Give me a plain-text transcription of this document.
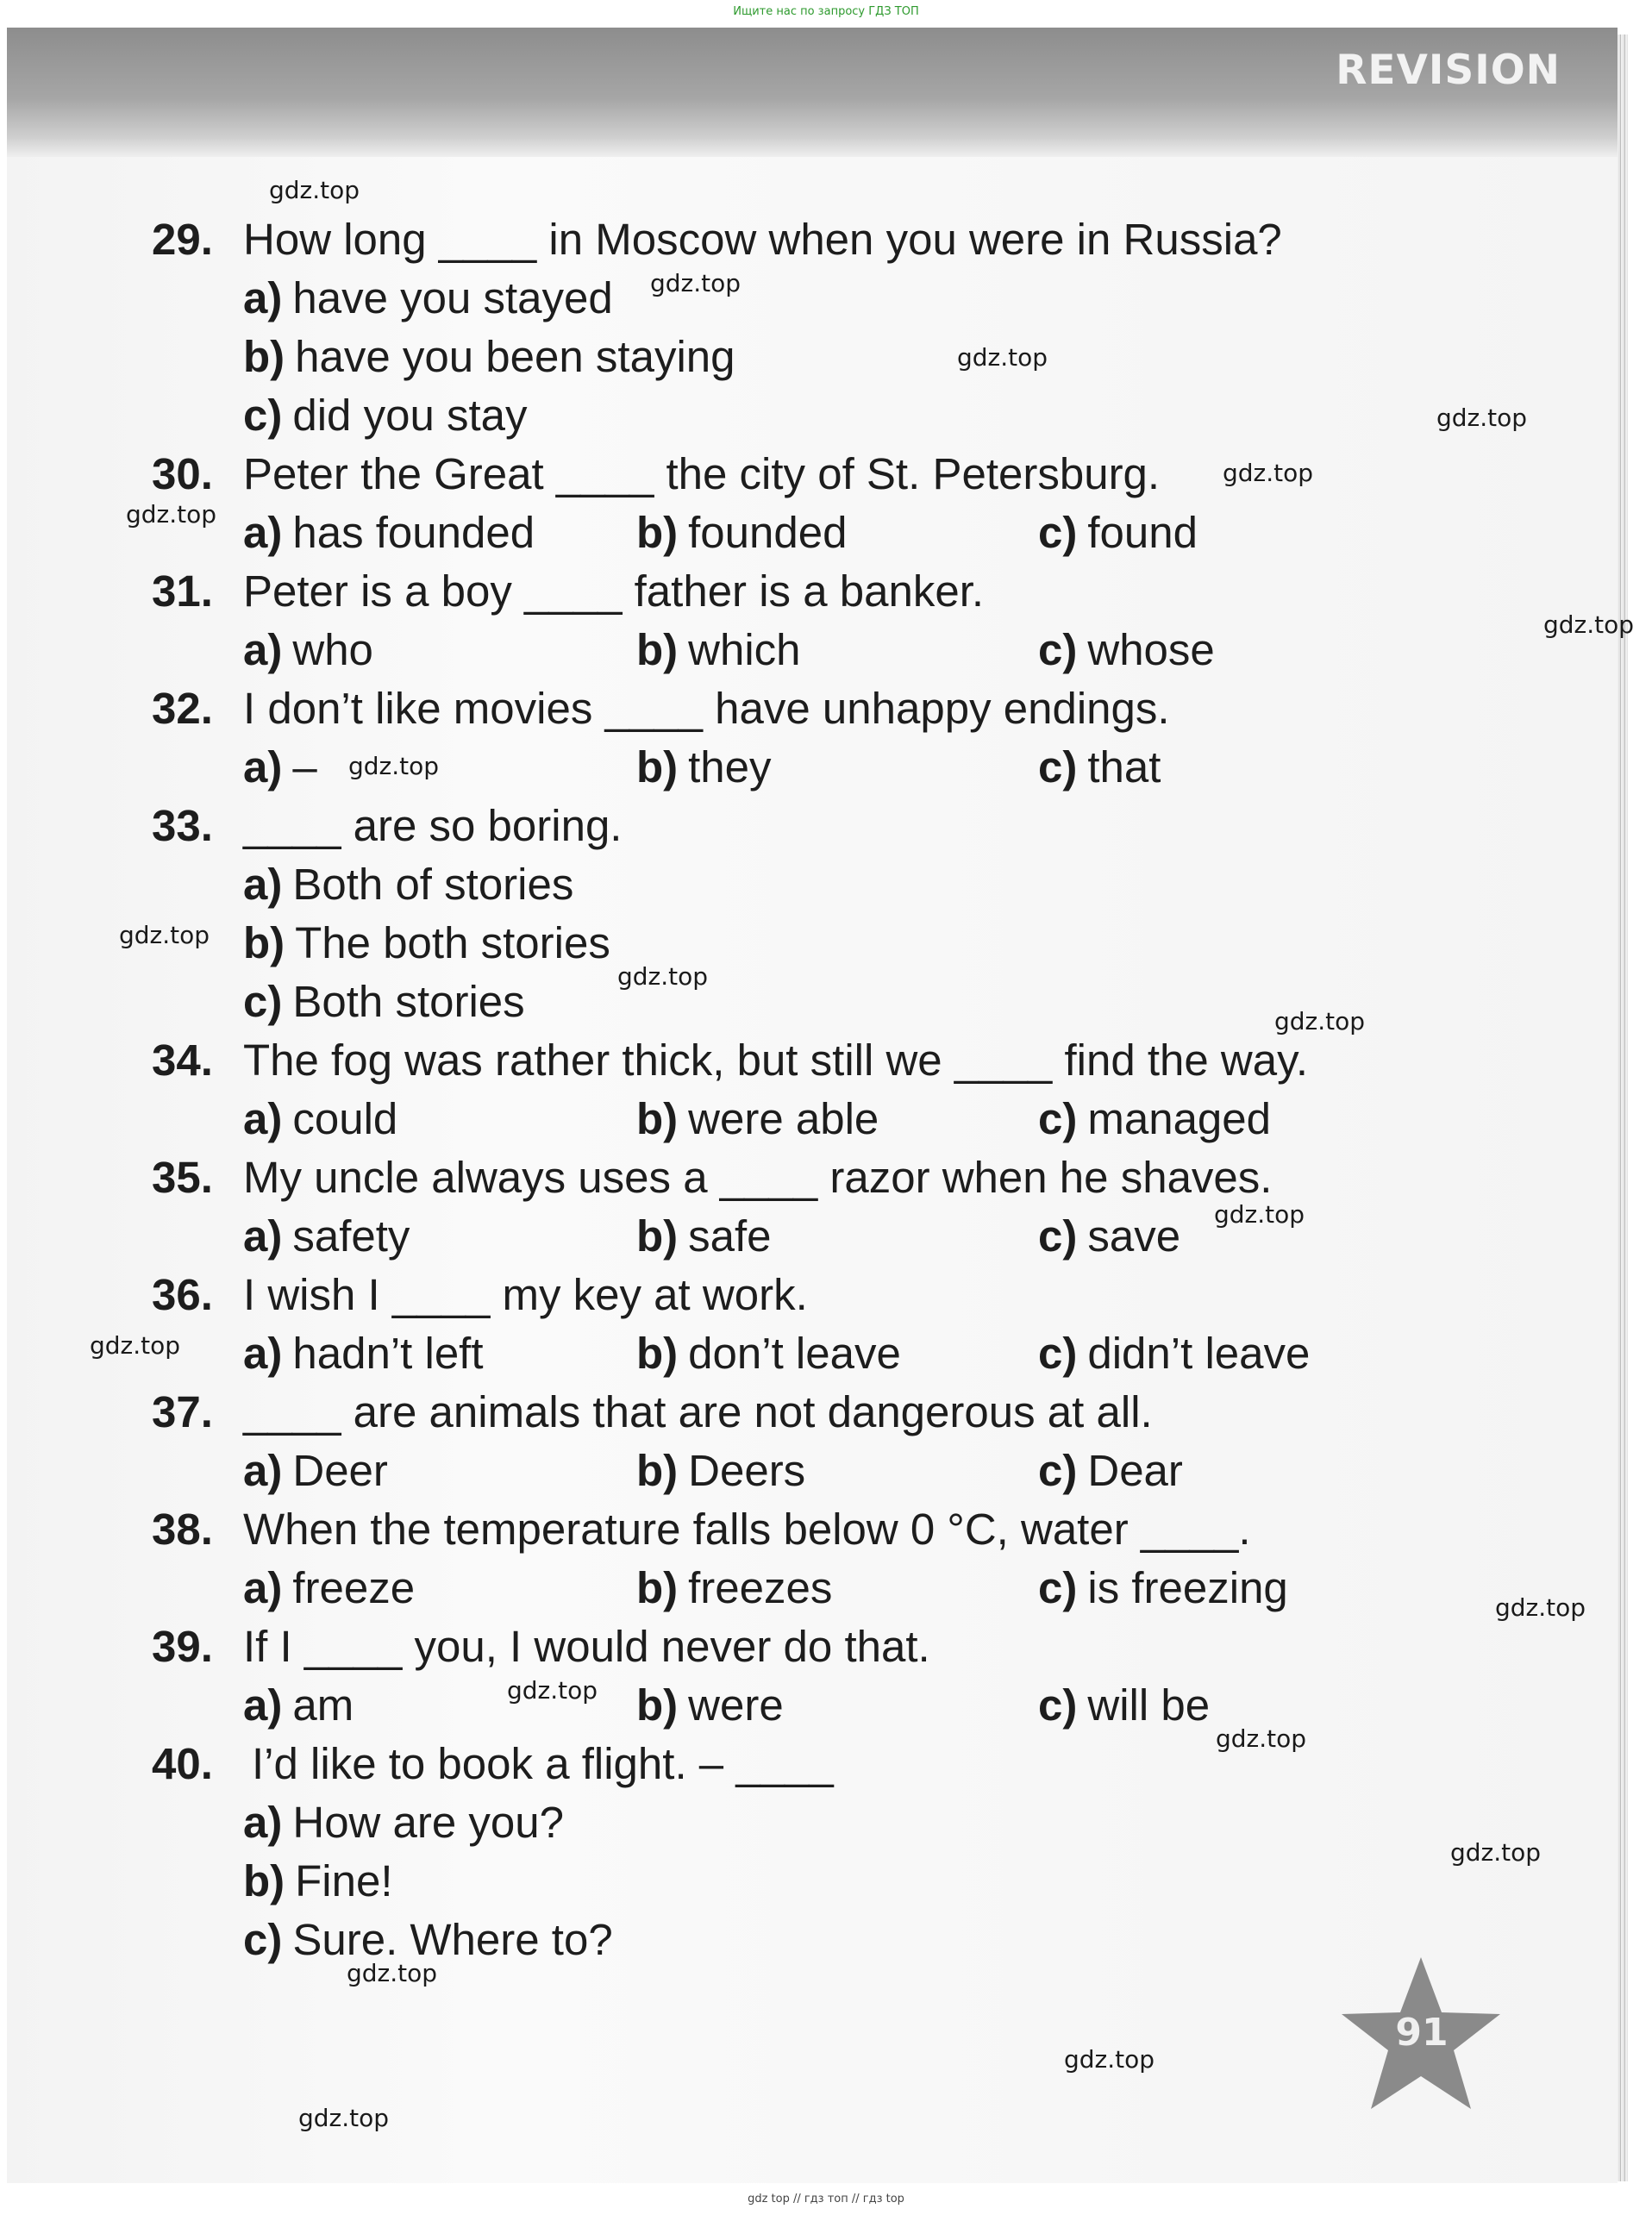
Ищите нас по запросу ГДЗ ТОП
REVISION
29. How long ____ in Moscow when you were in Russia?
a) have you stayed
b) have you been staying
c) did you stay
30. Peter the Great ____ the city of St. Petersburg.
a) has founded b) founded	c) found
31. Peter is a boy ____ father is a banker.
a) who	b) which	c) whose
32. I don’t like movies ____ have unhappy endings.
a) –	b) they	c) that
33. ____ are so boring.
a) Both of stories
b) The both stories
c) Both stories
34. The fog was rather thick, but still we ____ find the way.
a) could	b) were able	c) managed
35. My uncle always uses a ____ razor when he shaves.
a) safety	b) safe	c) save
36. I wish I ____ my key at work.
a) hadn’t left	b) don’t leave	c) didn’t leave
37. ____ are animals that are not dangerous at all.
a) Deer	b) Deers	c) Dear
38. When the temperature falls below 0 °C, water ____.
a) freeze	b) freezes	c) is freezing
39. If I ____ you, I would never do that.
a) am	b) were	c) will be
40. I’d like to book a flight. – ____
a) How are you?
b) Fine!
c) Sure. Where to?
91
gdz.top
gdz.top
gdz.top
gdz.top
gdz.top
gdz.top
gdz.top
gdz.top
gdz.top
gdz.top
gdz.top
gdz.top
gdz.top
gdz.top
gdz.top
gdz.top
gdz.top
gdz.top
gdz.top
gdz.top
gdz top // гдз топ // гдз top
